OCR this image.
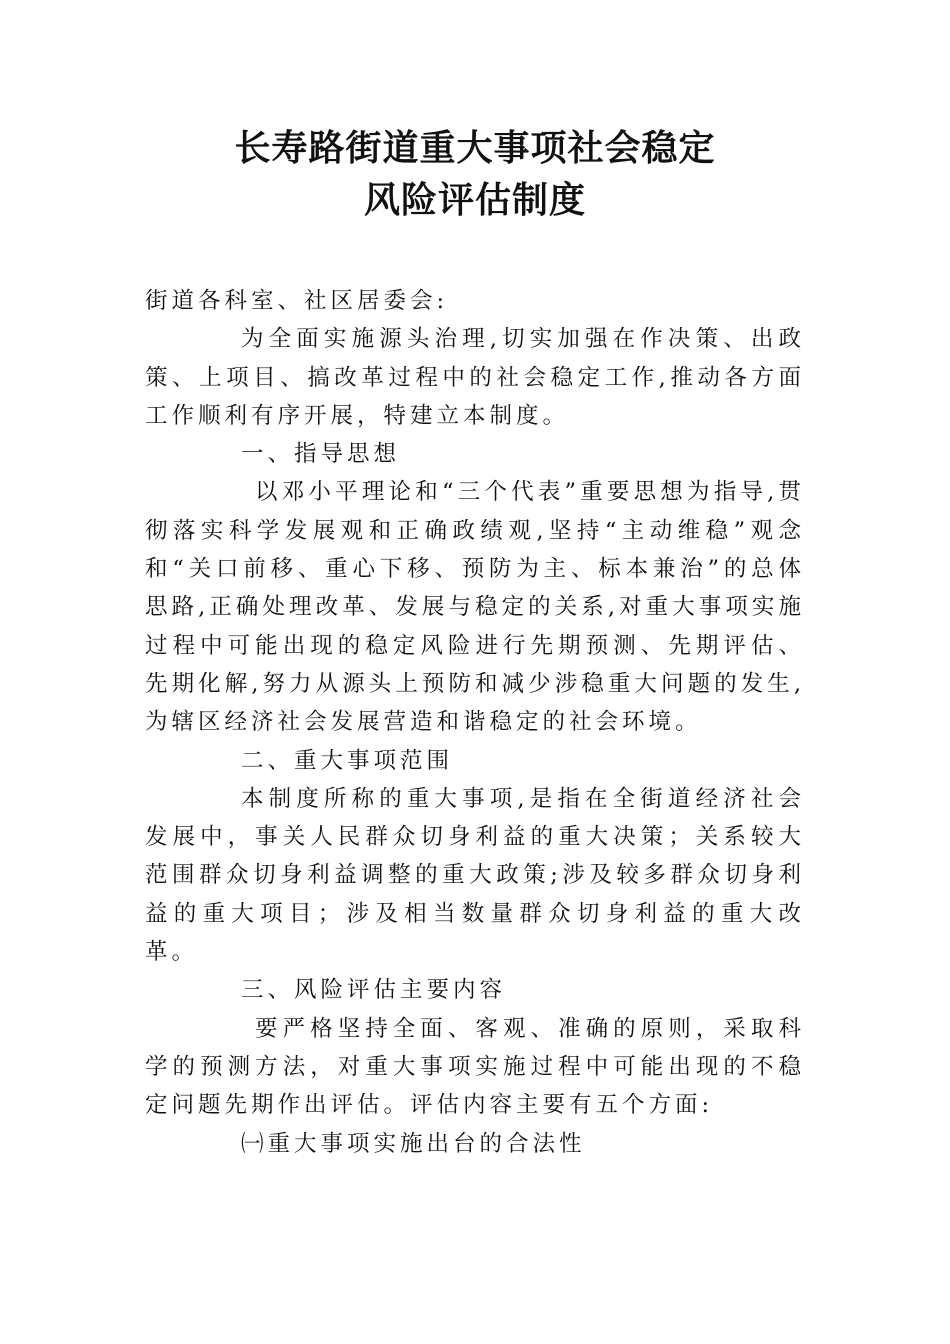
长寿路街道重大事项社会稳定
风险评估制度

街道各科室、社区居委会:

为全面实施源头治理,切实加强在作决策、出政策、上项目、搞改革过程中的社会稳定工作,推动各方面工作顺利有序开展，特建立本制度。

一、指导思想

以邓小平理论和“三个代表”重要思想为指导,贯彻落实科学发展观和正确政绩观,坚持“主动维稳”观念和“关口前移、重心下移、预防为主、标本兼治”的总体思路,正确处理改革、发展与稳定的关系,对重大事项实施过程中可能出现的稳定风险进行先期预测、先期评估、先期化解,努力从源头上预防和减少涉稳重大问题的发生,为辖区经济社会发展营造和谐稳定的社会环境。

二、重大事项范围

本制度所称的重大事项,是指在全街道经济社会发展中，事关人民群众切身利益的重大决策；关系较大范围群众切身利益调整的重大政策;涉及较多群众切身利益的重大项目；涉及相当数量群众切身利益的重大改革。

三、风险评估主要内容

要严格坚持全面、客观、准确的原则，采取科学的预测方法，对重大事项实施过程中可能出现的不稳定问题先期作出评估。评估内容主要有五个方面:

㈠重大事项实施出台的合法性
